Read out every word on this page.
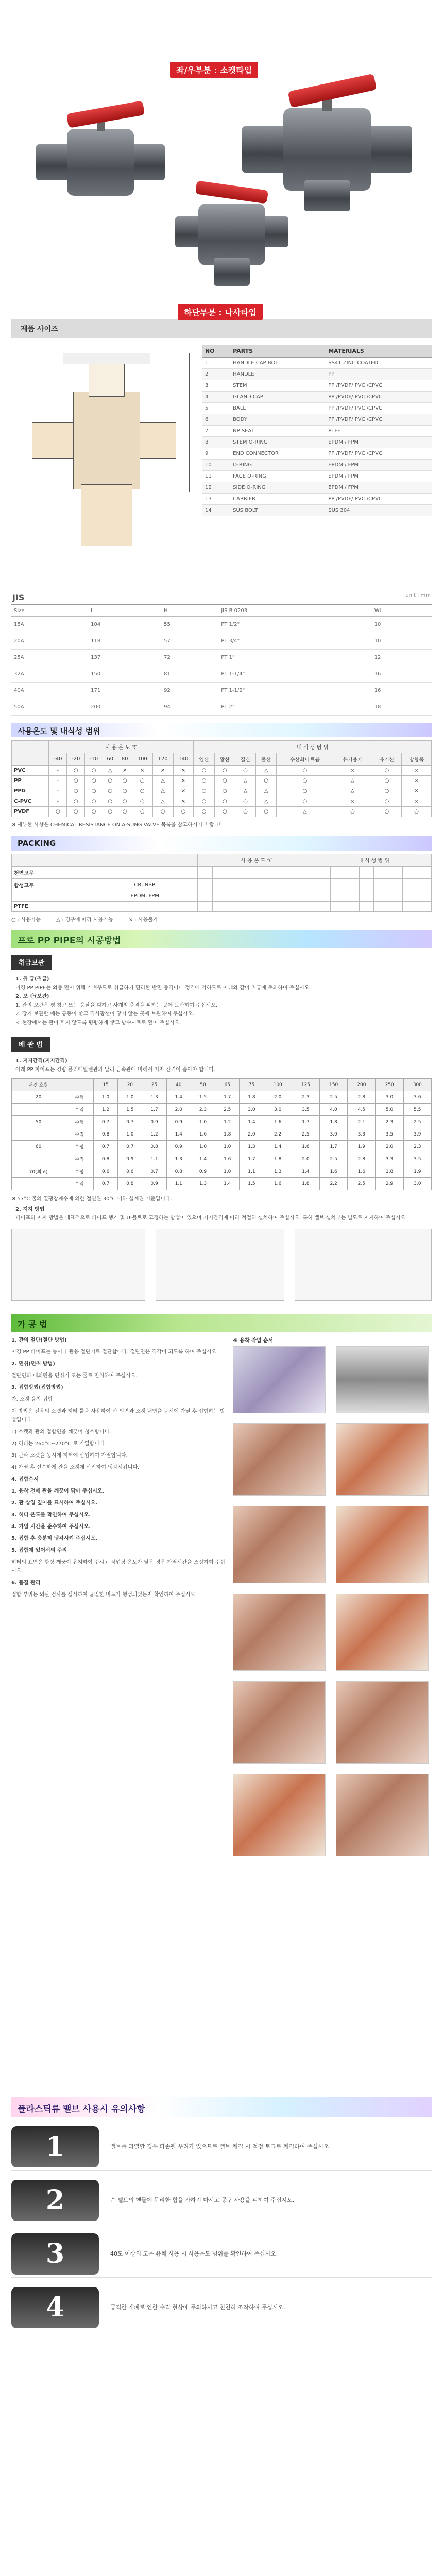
좌/우부분 : 소켓타입
하단부분 : 나사타입
제품 사이즈
NO	PARTS	MATERIALS
1	HANDLE CAP BOLT	SS41 ZINC COATED
2	HANDLE	PP
3	STEM	PP /PVDF/ PVC /CPVC
4	GLAND CAP	PP /PVDF/ PVC /CPVC
5	BALL	PP /PVDF/ PVC /CPVC
6	BODY	PP /PVDF/ PVC /CPVC
7	NP SEAL	PTFE
8	STEM O-RING	EPDM / FPM
9	END CONNECTOR	PP /PVDF/ PVC /CPVC
10	O-RING	EPDM / FPM
11	FACE O-RING	EPDM / FPM
12	SIDE O-RING	EPDM / FPM
13	CARRIER	PP /PVDF/ PVC /CPVC
14	SUS BOLT	SUS 304
JIS	unit : mm
Size	L	H	JIS B 0203	Wt
15A	104	55	PT 1/2"	10
20A	118	57	PT 3/4"	10
25A	137	72	PT 1"	12
32A	150	81	PT 1-1/4"	16
40A	171	92	PT 1-1/2"	16
50A	200	94	PT 2"	18
사용온도 및 내식성 범위
	사 용 온 도 ℃								내 식 성 범 위							
	-40	-20	-10	60	80	100	120	140	염산	황산	질산	불산	수산화나트륨	유기용제	유기산	방향족
PVC	-	○	○	△	×	×	×	×	○	○	○	△	○	×	○	×
PP	-	○	○	○	○	○	△	×	○	○	△	○	○	△	○	×
PPG	-	○	○	○	○	○	△	×	○	○	△	△	○	△	○	×
C-PVC	-	○	○	○	○	○	△	×	○	○	○	△	○	×	○	×
PVDF	○	○	○	○	○	○	○	○	○	○	○	○	△	○	○	○
※ 세부한 사항은 CHEMICAL RESISTANCE ON A-SUNG VALVE 목록을 참고하시기 바랍니다.
PACKING
		사 용 온 도 ℃								내 식 성 범 위							
천연고무																	
합성고무	CR, NBR																
	EPDM, FPM																
PTFE																	
○ : 사용가능	△ : 경우에 따라 사용가능	× : 사용불가
프로 PP PIPE의 시공방법
취급보관

1. 취 급(취급)

이경 PP PIPE는 외충 면이 위해 가벼우므로 취급하기 편리한 반면 충격이나 정격에 약하므로 아래와 같이 취급에 주의하여 주십시오.

2. 보 관(보관)

1. 관의 보관은 평 창고 또는 응달을 피하고 사계철 충격을 피하는 곳에 보관하여 주십시오.

2. 장기 보관할 때는 통풍이 좋고 직사광선이 닿지 않는 곳에 보관하여 주십시오.

3. 현장에서는 관이 휘지 않도록 평평하게 쌓고 방수시트로 덮어 주십시오.

배 관 법

1. 지지간격(지지간격)

아래 PP 파이프는 경량 폴리에틸렌관과 달리 금속관에 비해서 지지 간격이 좁아야 합니다.

관경 호칭		15	20	25	40	50	65	75	100	125	150	200	250	300
20	수평	1.0	1.0	1.3	1.4	1.5	1.7	1.8	2.0	2.3	2.5	2.8	3.0	3.6
	수직	1.2	1.5	1.7	2.0	2.3	2.5	3.0	3.0	3.5	4.0	4.5	5.0	5.5
50	수평	0.7	0.7	0.9	0.9	1.0	1.2	1.4	1.6	1.7	1.8	2.1	2.3	2.5
	수직	0.8	1.0	1.2	1.4	1.6	1.8	2.0	2.2	2.5	3.0	3.3	3.5	3.9
60	수평	0.7	0.7	0.8	0.9	1.0	1.0	1.3	1.4	1.6	1.7	1.9	2.0	2.3
	수직	0.8	0.9	1.1	1.3	1.4	1.6	1.7	1.8	2.0	2.5	2.8	3.3	3.5
70(최고)	수평	0.6	0.6	0.7	0.8	0.9	1.0	1.1	1.3	1.4	1.6	1.6	1.8	1.9
	수직	0.7	0.8	0.9	1.1	1.3	1.4	1.5	1.6	1.8	2.2	2.5	2.9	3.0
※ 57°C 물의 열팽창계수에 의한 절연된 30°C 이하 설계된 기준입니다.

2. 지지 방법

파이프의 지지 방법은 대표적으로 파이프 행거 및 U-볼트로 고정하는 방법이 있으며 지지간격에 따라 적절히 설치하여 주십시오. 특히 밸브 설치부는 별도로 지지하여 주십시오.

가 공 법

1. 관의 절단(절단 방법)

이경 PP 파이프는 톱이나 관용 절단기로 절단합니다. 절단면은 직각이 되도록 하여 주십시오.

2. 면취(면취 방법)

절단면의 내외면을 면취기 또는 줄로 면취하여 주십시오.

3. 접합방법(접합방법)

가. 소켓 융착 접합

이 방법은 전용의 소켓과 히터 툴을 사용하여 관 외면과 소켓 내면을 동시에 가열 후 접합하는 방법입니다.

1) 소켓과 관의 접합면을 깨끗이 청소합니다.

2) 히터는 260°C~270°C 로 가열합니다.

3) 관과 소켓을 동시에 히터에 삽입하여 가열합니다.

4) 가열 후 신속하게 관을 소켓에 삽입하여 냉각시킵니다.

4. 접합순서

1. 융착 전에 관을 깨끗이 닦아 주십시오.

2. 관 삽입 깊이를 표시하여 주십시오.

3. 히터 온도를 확인하여 주십시오.

4. 가열 시간을 준수하여 주십시오.

5. 접합 후 충분히 냉각시켜 주십시오.

5. 접합에 있어서의 주의

히터의 표면은 항상 깨끗이 유지하여 주시고 작업장 온도가 낮은 경우 가열시간을 조정하여 주십시오.

6. 품질 관리

접합 부위는 외관 검사를 실시하여 균일한 비드가 형성되었는지 확인하여 주십시오.

※ 융착 작업 순서
플라스틱류 밸브 사용시 유의사항
1	밸브를 과열할 경우 파손될 우려가 있으므로 밸브 체결 시 적정 토크로 체결하여 주십시오.
2	손 밸브의 핸들에 무리한 힘을 가하지 마시고 공구 사용을 피하여 주십시오.
3	40도 이상의 고온 유체 사용 시 사용온도 범위를 확인하여 주십시오.
4	급격한 개폐로 인한 수격 현상에 주의하시고 천천히 조작하여 주십시오.
